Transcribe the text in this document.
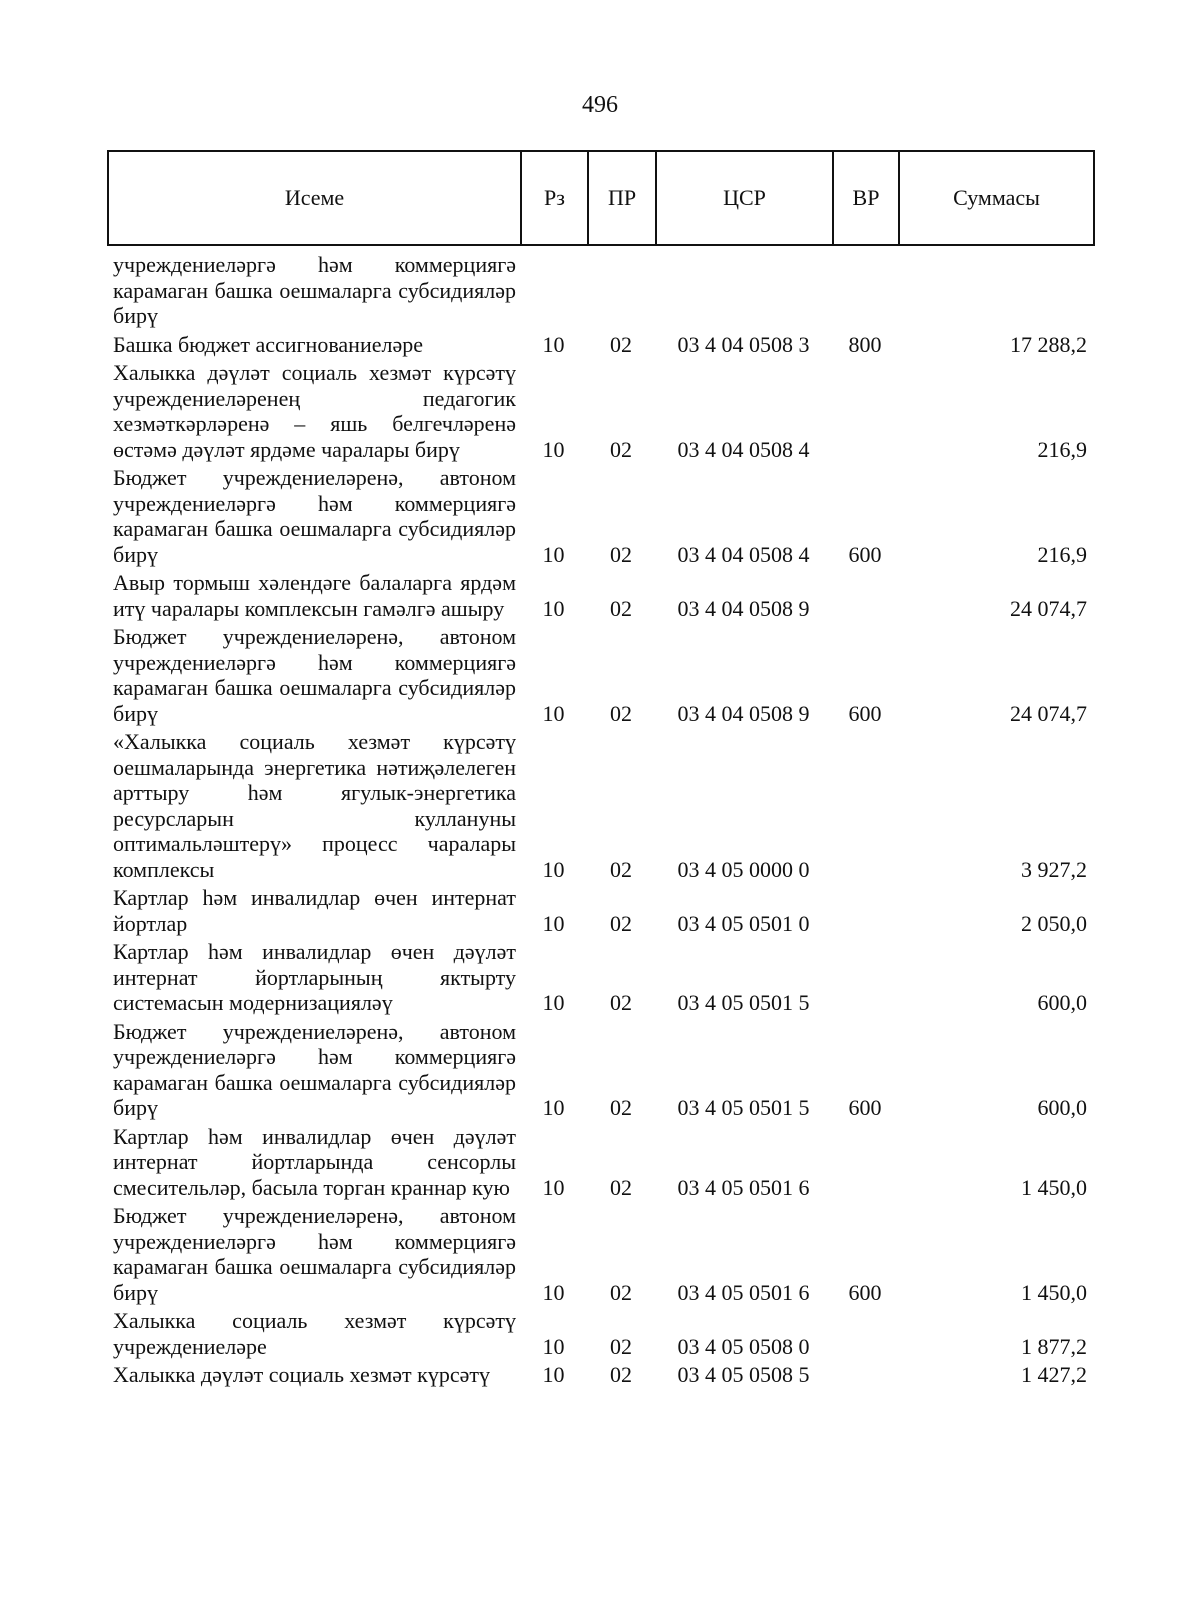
496
Исеме	Рз	ПР	ЦСР	ВР	Суммасы
учреждениеләргә һәм коммерциягә карамаган башка оешмаларга субсидияләр бирү					
Башка бюджет ассигнованиеләре	10	02	03 4 04 0508 3	800	17 288,2
Халыкка дәүләт социаль хезмәт күрсәтү учреждениеләренең педагогик хезмәткәрләренә – яшь белгечләренә өстәмә дәүләт ярдәме чаралары бирү	10	02	03 4 04 0508 4		216,9
Бюджет учреждениеләренә, автоном учреждениеләргә һәм коммерциягә карамаган башка оешмаларга субсидияләр бирү	10	02	03 4 04 0508 4	600	216,9
Авыр тормыш хәлендәге балаларга ярдәм итү чаралары комплексын гамәлгә ашыру	10	02	03 4 04 0508 9		24 074,7
Бюджет учреждениеләренә, автоном учреждениеләргә һәм коммерциягә карамаган башка оешмаларга субсидияләр бирү	10	02	03 4 04 0508 9	600	24 074,7
«Халыкка социаль хезмәт күрсәтү оешмаларында энергетика нәтиҗәлелеген арттыру һәм ягулык-энергетика ресурсларын куллануны оптимальләштерү» процесс чаралары комплексы	10	02	03 4 05 0000 0		3 927,2
Картлар һәм инвалидлар өчен интернат йортлар	10	02	03 4 05 0501 0		2 050,0
Картлар һәм инвалидлар өчен дәүләт интернат йортларының яктырту системасын модернизацияләү	10	02	03 4 05 0501 5		600,0
Бюджет учреждениеләренә, автоном учреждениеләргә һәм коммерциягә карамаган башка оешмаларга субсидияләр бирү	10	02	03 4 05 0501 5	600	600,0
Картлар һәм инвалидлар өчен дәүләт интернат йортларында сенсорлы смесительләр, басыла торган краннар кую	10	02	03 4 05 0501 6		1 450,0
Бюджет учреждениеләренә, автоном учреждениеләргә һәм коммерциягә карамаган башка оешмаларга субсидияләр бирү	10	02	03 4 05 0501 6	600	1 450,0
Халыкка социаль хезмәт күрсәтү учреждениеләре	10	02	03 4 05 0508 0		1 877,2
Халыкка дәүләт социаль хезмәт күрсәтү	10	02	03 4 05 0508 5		1 427,2
